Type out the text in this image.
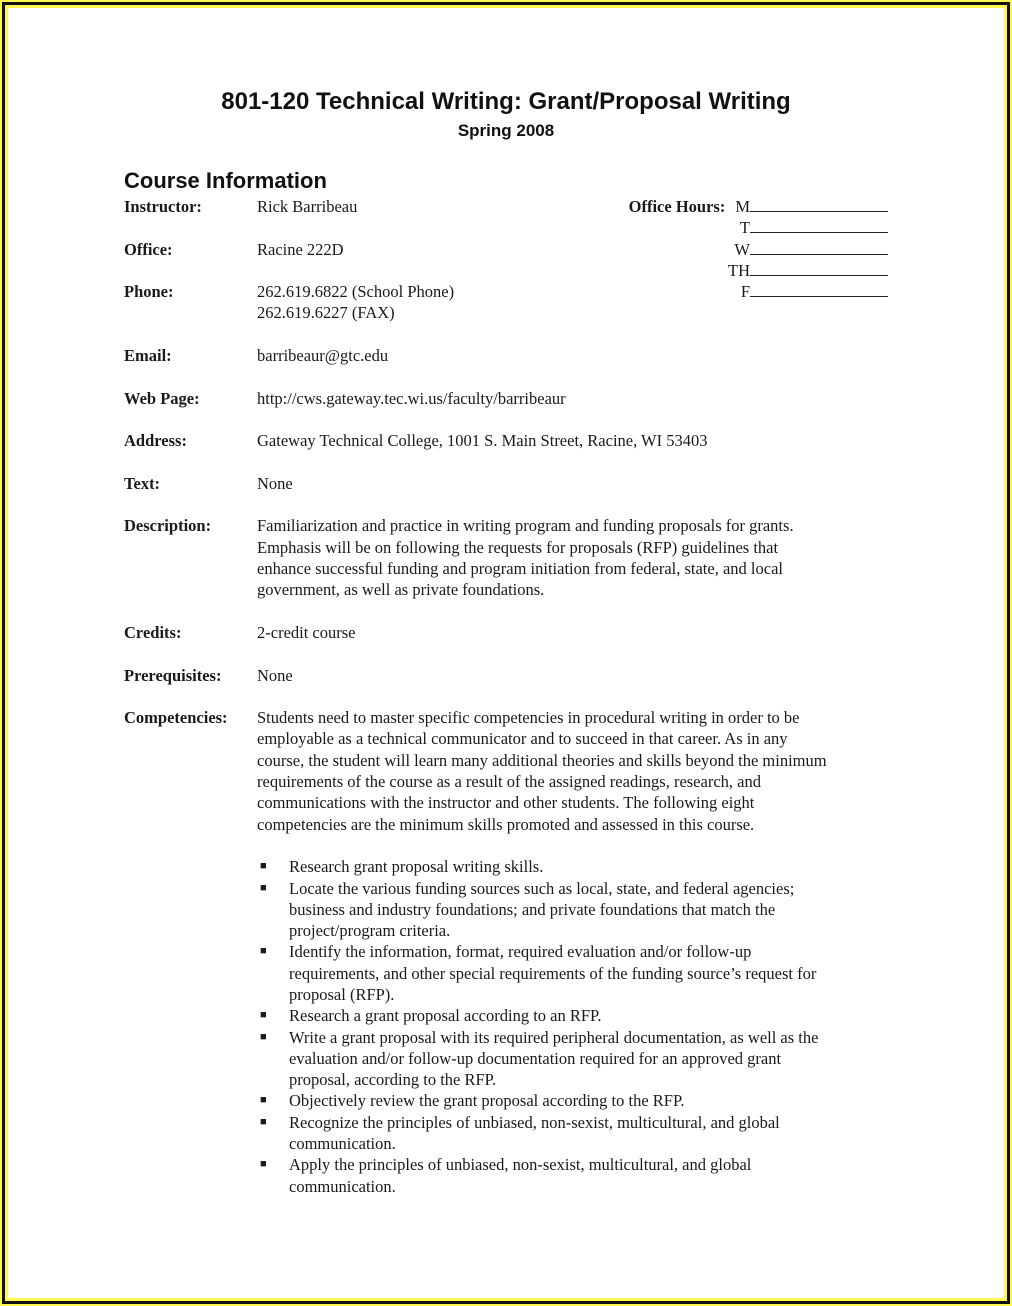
801-120 Technical Writing: Grant/Proposal Writing
Spring 2008
Course Information
Office Hours: M
T
W
TH
F
Instructor:	Rick Barribeau
Office:	Racine 222D
Phone:	262.619.6822 (School Phone)
262.619.6227 (FAX)
Email:	barribeaur@gtc.edu
Web Page:	http://cws.gateway.tec.wi.us/faculty/barribeaur
Address:	Gateway Technical College, 1001 S. Main Street, Racine, WI 53403
Text:	None
Description:	Familiarization and practice in writing program and funding proposals for grants.
Emphasis will be on following the requests for proposals (RFP) guidelines that
enhance successful funding and program initiation from federal, state, and local
government, as well as private foundations.
Credits:	2-credit course
Prerequisites:	None
Competencies:	Students need to master specific competencies in procedural writing in order to be
employable as a technical communicator and to succeed in that career. As in any
course, the student will learn many additional theories and skills beyond the minimum
requirements of the course as a result of the assigned readings, research, and
communications with the instructor and other students. The following eight
competencies are the minimum skills promoted and assessed in this course.
■	Research grant proposal writing skills.
■	Locate the various funding sources such as local, state, and federal agencies;
business and industry foundations; and private foundations that match the
project/program criteria.
■	Identify the information, format, required evaluation and/or follow-up
requirements, and other special requirements of the funding source’s request for
proposal (RFP).
■	Research a grant proposal according to an RFP.
■	Write a grant proposal with its required peripheral documentation, as well as the
evaluation and/or follow-up documentation required for an approved grant
proposal, according to the RFP.
■	Objectively review the grant proposal according to the RFP.
■	Recognize the principles of unbiased, non-sexist, multicultural, and global
communication.
■	Apply the principles of unbiased, non-sexist, multicultural, and global
communication.
